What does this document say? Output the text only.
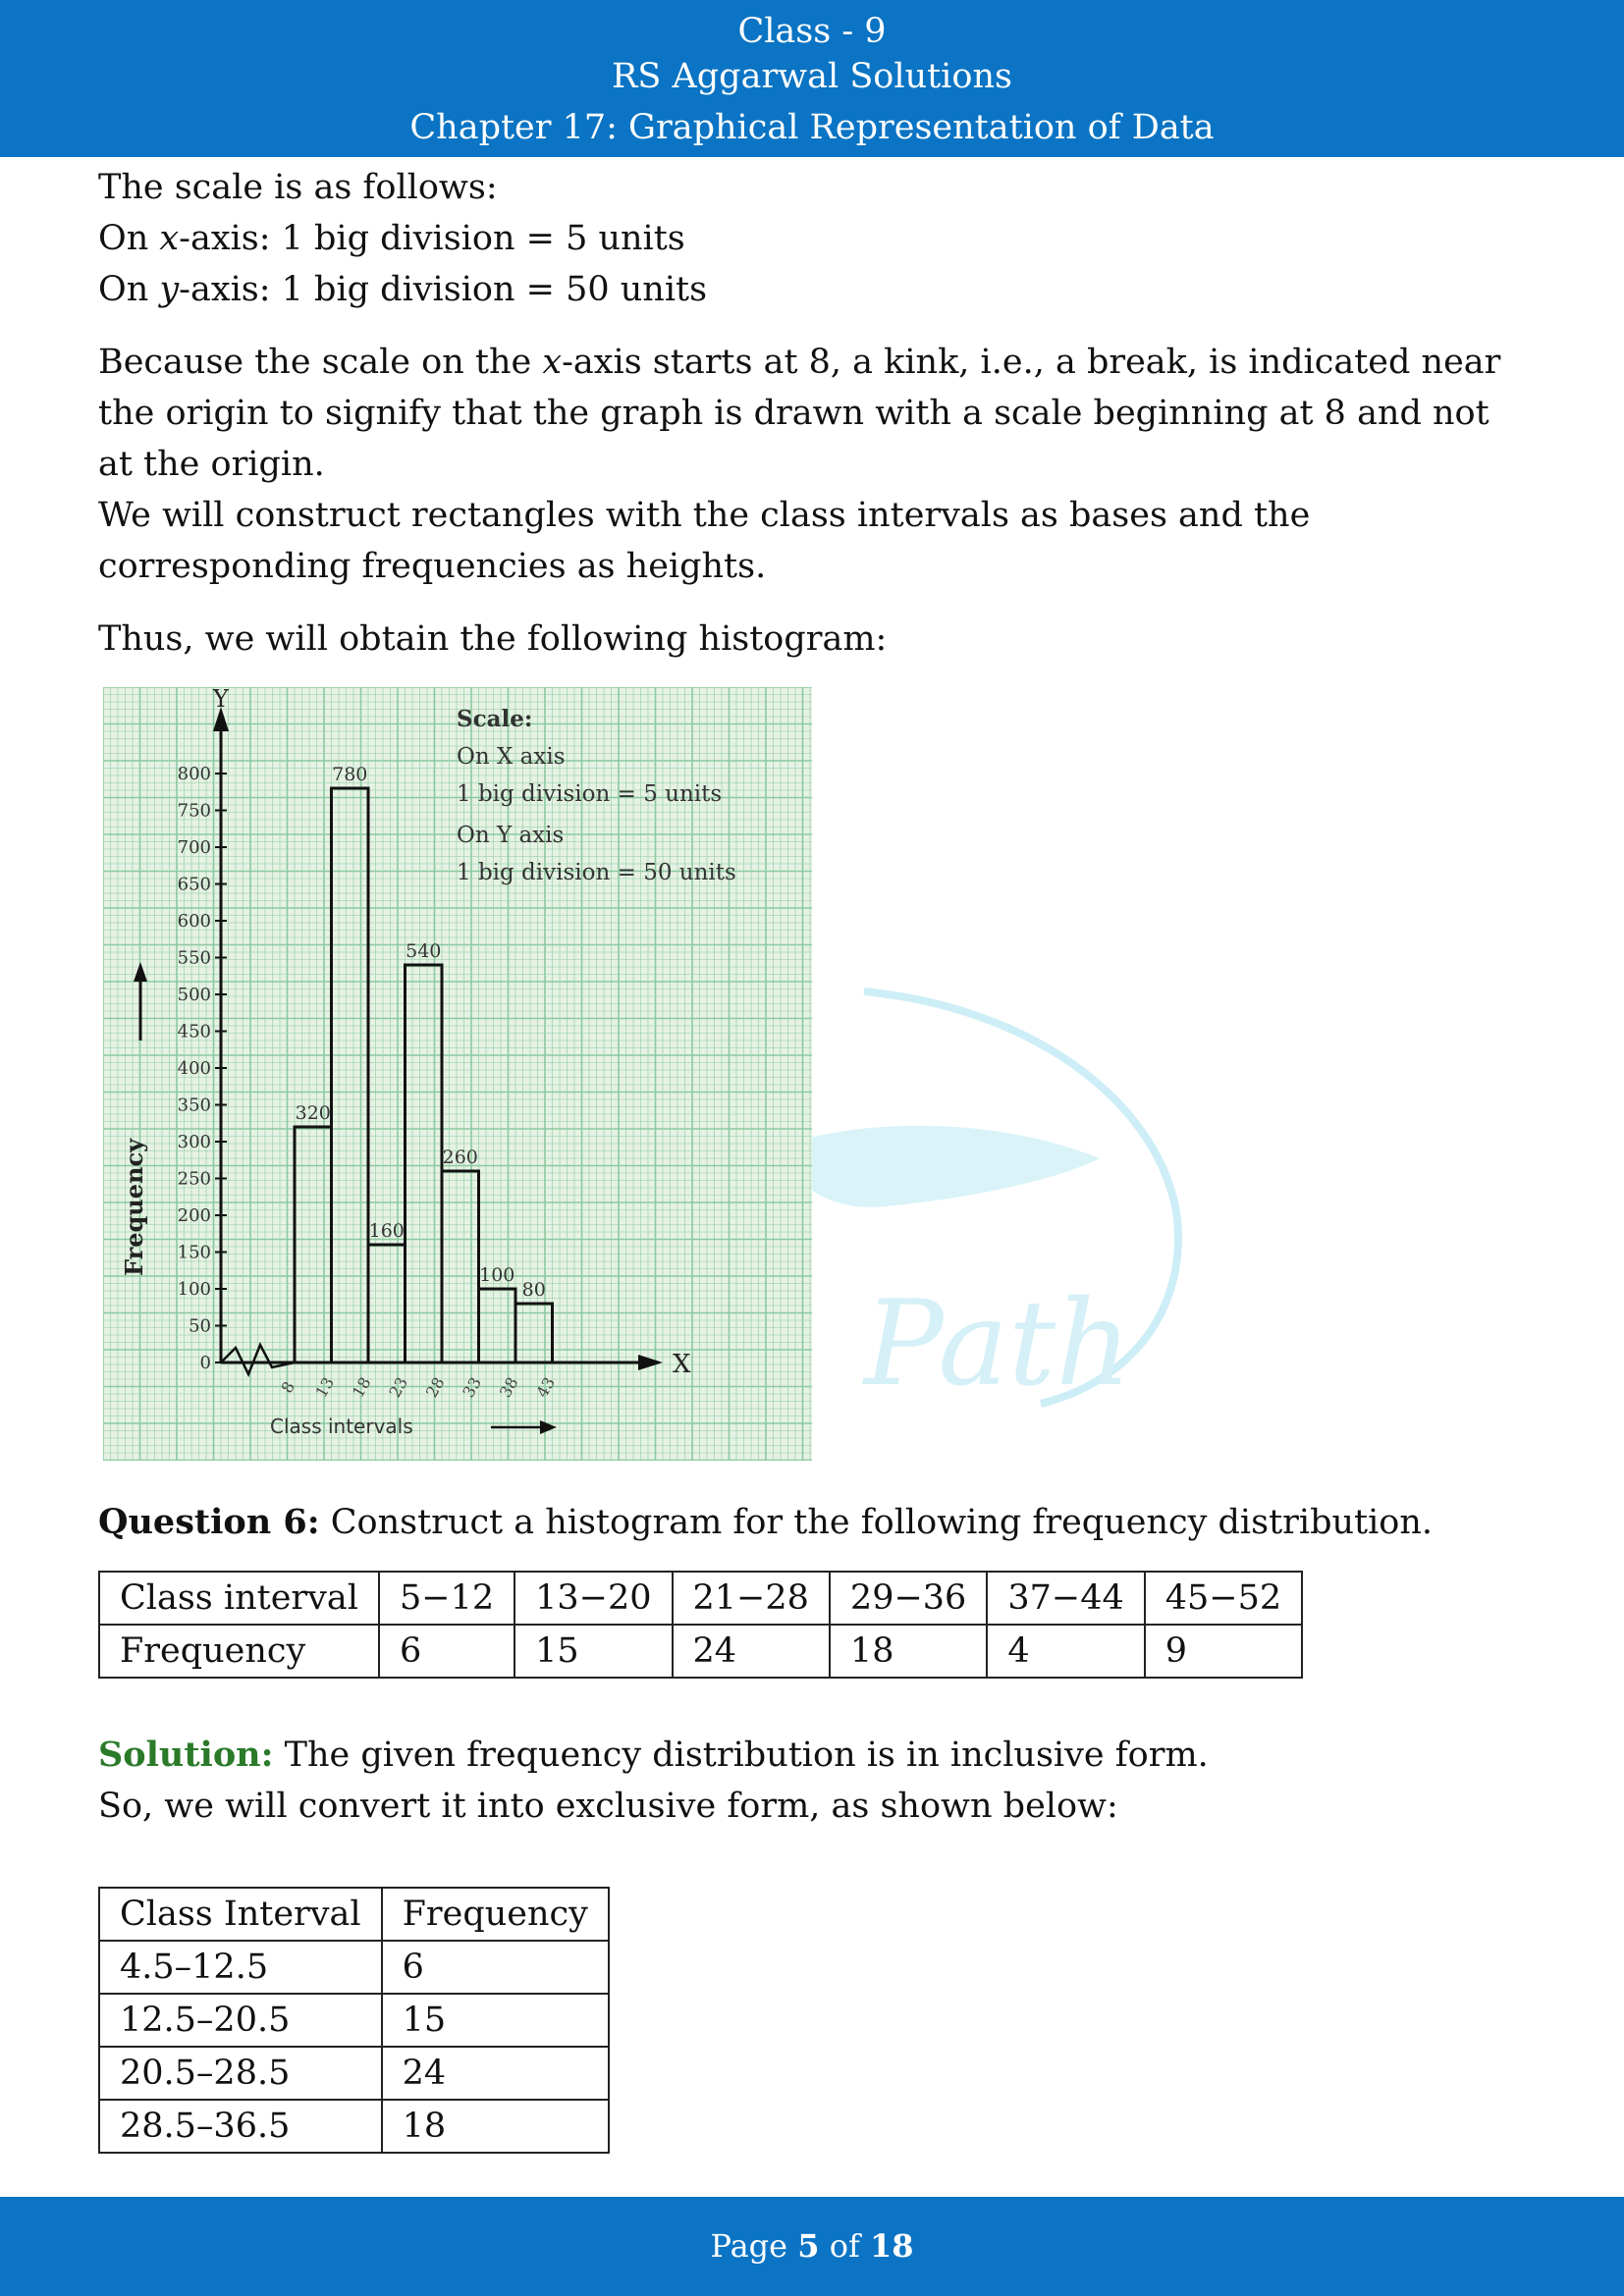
Class - 9
RS Aggarwal Solutions
Chapter 17: Graphical Representation of Data

The scale is as follows:

On x-axis: 1 big division = 5 units

On y-axis: 1 big division = 50 units

Because the scale on the x-axis starts at 8, a kink, i.e., a break, is indicated near the origin to signify that the graph is drawn with a scale beginning at 8 and not at the origin.

We will construct rectangles with the class intervals as bases and the corresponding frequencies as heights.

Thus, we will obtain the following histogram:

Path
X
Y
0
50
100
150
200
250
300
350
400
450
500
550
600
650
700
750
800
320
780
160
540
260
100
80
8 13 18 23 28 33 38 43
Class intervals
Frequency
Scale:
On X axis
1 big division = 5 units
On Y axis
1 big division = 50 units
Question 6: Construct a histogram for the following frequency distribution.
Class interval	5−12	13−20	21−28	29−36	37−44	45−52
Frequency	6	15	24	18	4	9
Solution: The given frequency distribution is in inclusive form.
So, we will convert it into exclusive form, as shown below:
Class Interval	Frequency
4.5–12.5	6
12.5–20.5	15
20.5–28.5	24
28.5–36.5	18
Page 5 of 18
